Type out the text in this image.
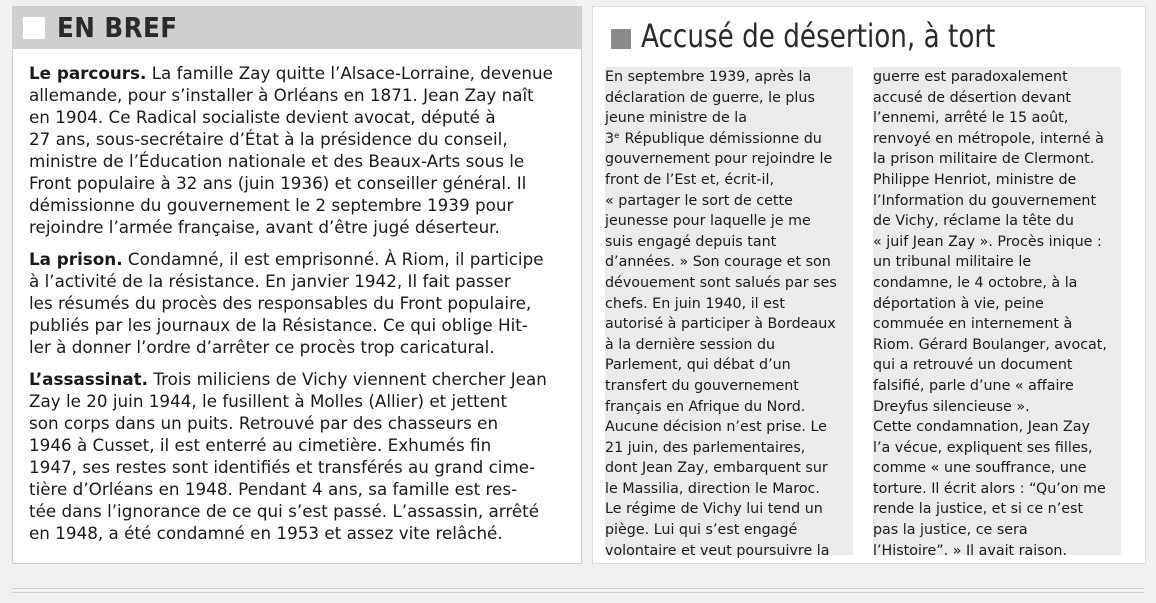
EN BREF

Le parcours. La famille Zay quitte l’Alsace-Lorraine, devenue
allemande, pour s’installer à Orléans en 1871. Jean Zay naît
en 1904. Ce Radical socialiste devient avocat, député à
27 ans, sous-secrétaire d’État à la présidence du conseil,
ministre de l’Éducation nationale et des Beaux-Arts sous le
Front populaire à 32 ans (juin 1936) et conseiller général. Il
démissionne du gouvernement le 2 septembre 1939 pour
rejoindre l’armée française, avant d’être jugé déserteur.

La prison. Condamné, il est emprisonné. À Riom, il participe
à l’activité de la résistance. En janvier 1942, Il fait passer
les résumés du procès des responsables du Front populaire,
publiés par les journaux de la Résistance. Ce qui oblige Hit-
ler à donner l’ordre d’arrêter ce procès trop caricatural.

L’assassinat. Trois miliciens de Vichy viennent chercher Jean
Zay le 20 juin 1944, le fusillent à Molles (Allier) et jettent
son corps dans un puits. Retrouvé par des chasseurs en
1946 à Cusset, il est enterré au cimetière. Exhumés fin
1947, ses restes sont identifiés et transférés au grand cime-
tière d’Orléans en 1948. Pendant 4 ans, sa famille est res-
tée dans l’ignorance de ce qui s’est passé. L’assassin, arrêté
en 1948, a été condamné en 1953 et assez vite relâché.

Accusé de désertion, à tort
En septembre 1939, après la
déclaration de guerre, le plus
jeune ministre de la
3ᵉ République démissionne du
gouvernement pour rejoindre le
front de l’Est et, écrit-il,
« partager le sort de cette
jeunesse pour laquelle je me
suis engagé depuis tant
d’années. » Son courage et son
dévouement sont salués par ses
chefs. En juin 1940, il est
autorisé à participer à Bordeaux
à la dernière session du
Parlement, qui débat d’un
transfert du gouvernement
français en Afrique du Nord.
Aucune décision n’est prise. Le
21 juin, des parlementaires,
dont Jean Zay, embarquent sur
le Massilia, direction le Maroc.
Le régime de Vichy lui tend un
piège. Lui qui s’est engagé
volontaire et veut poursuivre la
guerre est paradoxalement
accusé de désertion devant
l’ennemi, arrêté le 15 août,
renvoyé en métropole, interné à
la prison militaire de Clermont.
Philippe Henriot, ministre de
l’Information du gouvernement
de Vichy, réclame la tête du
« juif Jean Zay ». Procès inique :
un tribunal militaire le
condamne, le 4 octobre, à la
déportation à vie, peine
commuée en internement à
Riom. Gérard Boulanger, avocat,
qui a retrouvé un document
falsifié, parle d’une « affaire
Dreyfus silencieuse ».
Cette condamnation, Jean Zay
l’a vécue, expliquent ses filles,
comme « une souffrance, une
torture. Il écrit alors : “Qu’on me
rende la justice, et si ce n’est
pas la justice, ce sera
l’Histoire”. » Il avait raison.
